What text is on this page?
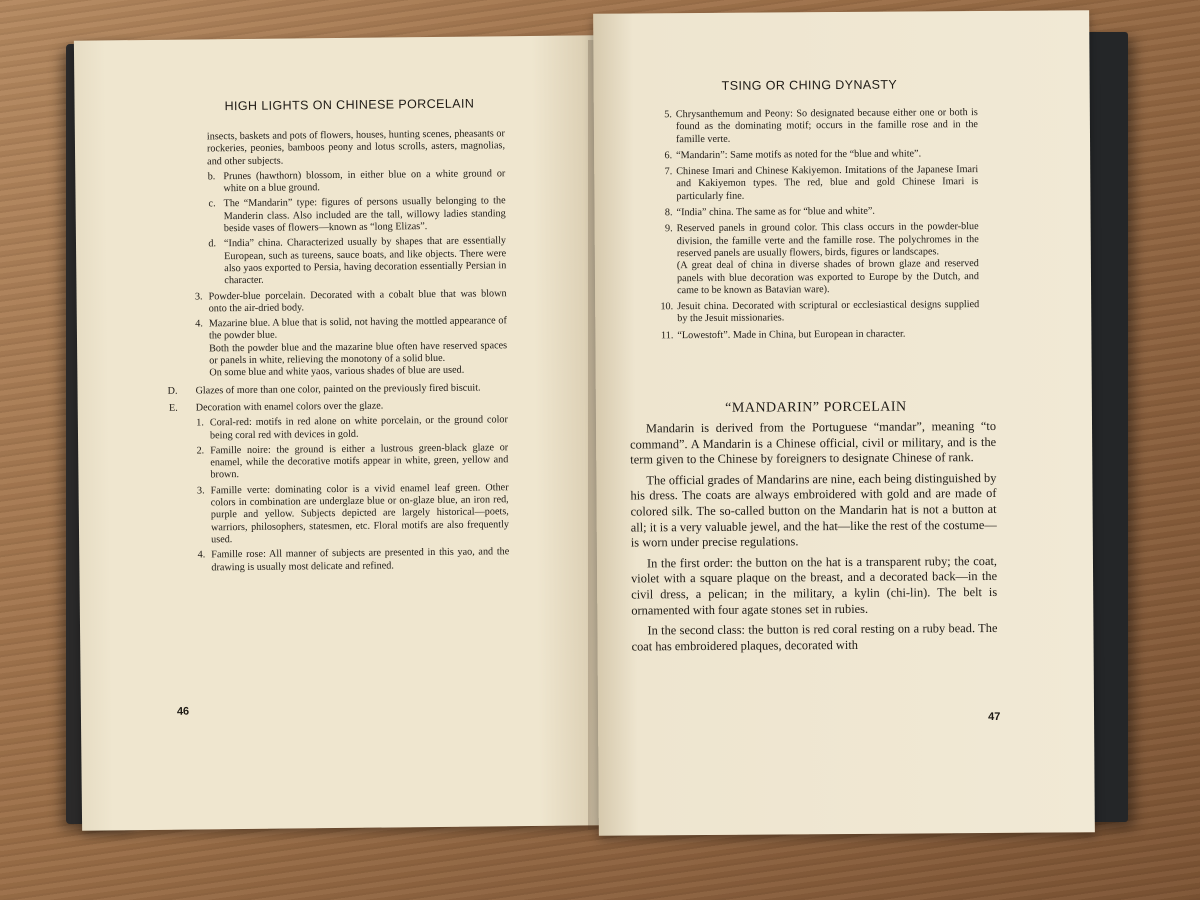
HIGH LIGHTS ON CHINESE PORCELAIN
insects, baskets and pots of flowers, houses, hunting scenes, pheasants or rockeries, peonies, bamboos peony and lotus scrolls, asters, magnolias, and other subjects.
b. Prunes (hawthorn) blossom, in either blue on a white ground or white on a blue ground.
c. The “Mandarin” type: figures of persons usually belonging to the Manderin class. Also included are the tall, willowy ladies standing beside vases of flowers—known as “long Elizas”.
d. “India” china. Characterized usually by shapes that are essentially European, such as tureens, sauce boats, and like objects. There were also yaos exported to Persia, having decoration essentially Persian in character.
3. Powder-blue porcelain. Decorated with a cobalt blue that was blown onto the air-dried body.
4. Mazarine blue. A blue that is solid, not having the mottled appearance of the powder blue.
Both the powder blue and the mazarine blue often have reserved spaces or panels in white, relieving the monotony of a solid blue.
On some blue and white yaos, various shades of blue are used.
D. Glazes of more than one color, painted on the previously fired biscuit.
E. Decoration with enamel colors over the glaze.
1. Coral-red: motifs in red alone on white porcelain, or the ground color being coral red with devices in gold.
2. Famille noire: the ground is either a lustrous green-black glaze or enamel, while the decorative motifs appear in white, green, yellow and brown.
3. Famille verte: dominating color is a vivid enamel leaf green. Other colors in combination are underglaze blue or on-glaze blue, an iron red, purple and yellow. Subjects depicted are largely historical—poets, warriors, philosophers, statesmen, etc. Floral motifs are also frequently used.
4. Famille rose: All manner of subjects are presented in this yao, and the drawing is usually most delicate and refined.
46
TSING OR CHING DYNASTY
5. Chrysanthemum and Peony: So designated because either one or both is found as the dominating motif; occurs in the famille rose and in the famille verte.
6. “Mandarin”: Same motifs as noted for the “blue and white”.
7. Chinese Imari and Chinese Kakiyemon. Imitations of the Japanese Imari and Kakiyemon types. The red, blue and gold Chinese Imari is particularly fine.
8. “India” china. The same as for “blue and white”.
9. Reserved panels in ground color. This class occurs in the powder-blue division, the famille verte and the famille rose. The polychromes in the reserved panels are usually flowers, birds, figures or landscapes.
(A great deal of china in diverse shades of brown glaze and reserved panels with blue decoration was exported to Europe by the Dutch, and came to be known as Batavian ware).
10. Jesuit china. Decorated with scriptural or ecclesiastical designs supplied by the Jesuit missionaries.
11. “Lowestoft”. Made in China, but European in character.
“MANDARIN” PORCELAIN

Mandarin is derived from the Portuguese “mandar”, meaning “to command”. A Mandarin is a Chinese official, civil or military, and is the term given to the Chinese by foreigners to designate Chinese of rank.

The official grades of Mandarins are nine, each being distinguished by his dress. The coats are always embroidered with gold and are made of colored silk. The so-called button on the Mandarin hat is not a button at all; it is a very valuable jewel, and the hat—like the rest of the costume—is worn under precise regulations.

In the first order: the button on the hat is a transparent ruby; the coat, violet with a square plaque on the breast, and a decorated back—in the civil dress, a pelican; in the military, a kylin (chi-lin). The belt is ornamented with four agate stones set in rubies.

In the second class: the button is red coral resting on a ruby bead. The coat has embroidered plaques, decorated with

47
